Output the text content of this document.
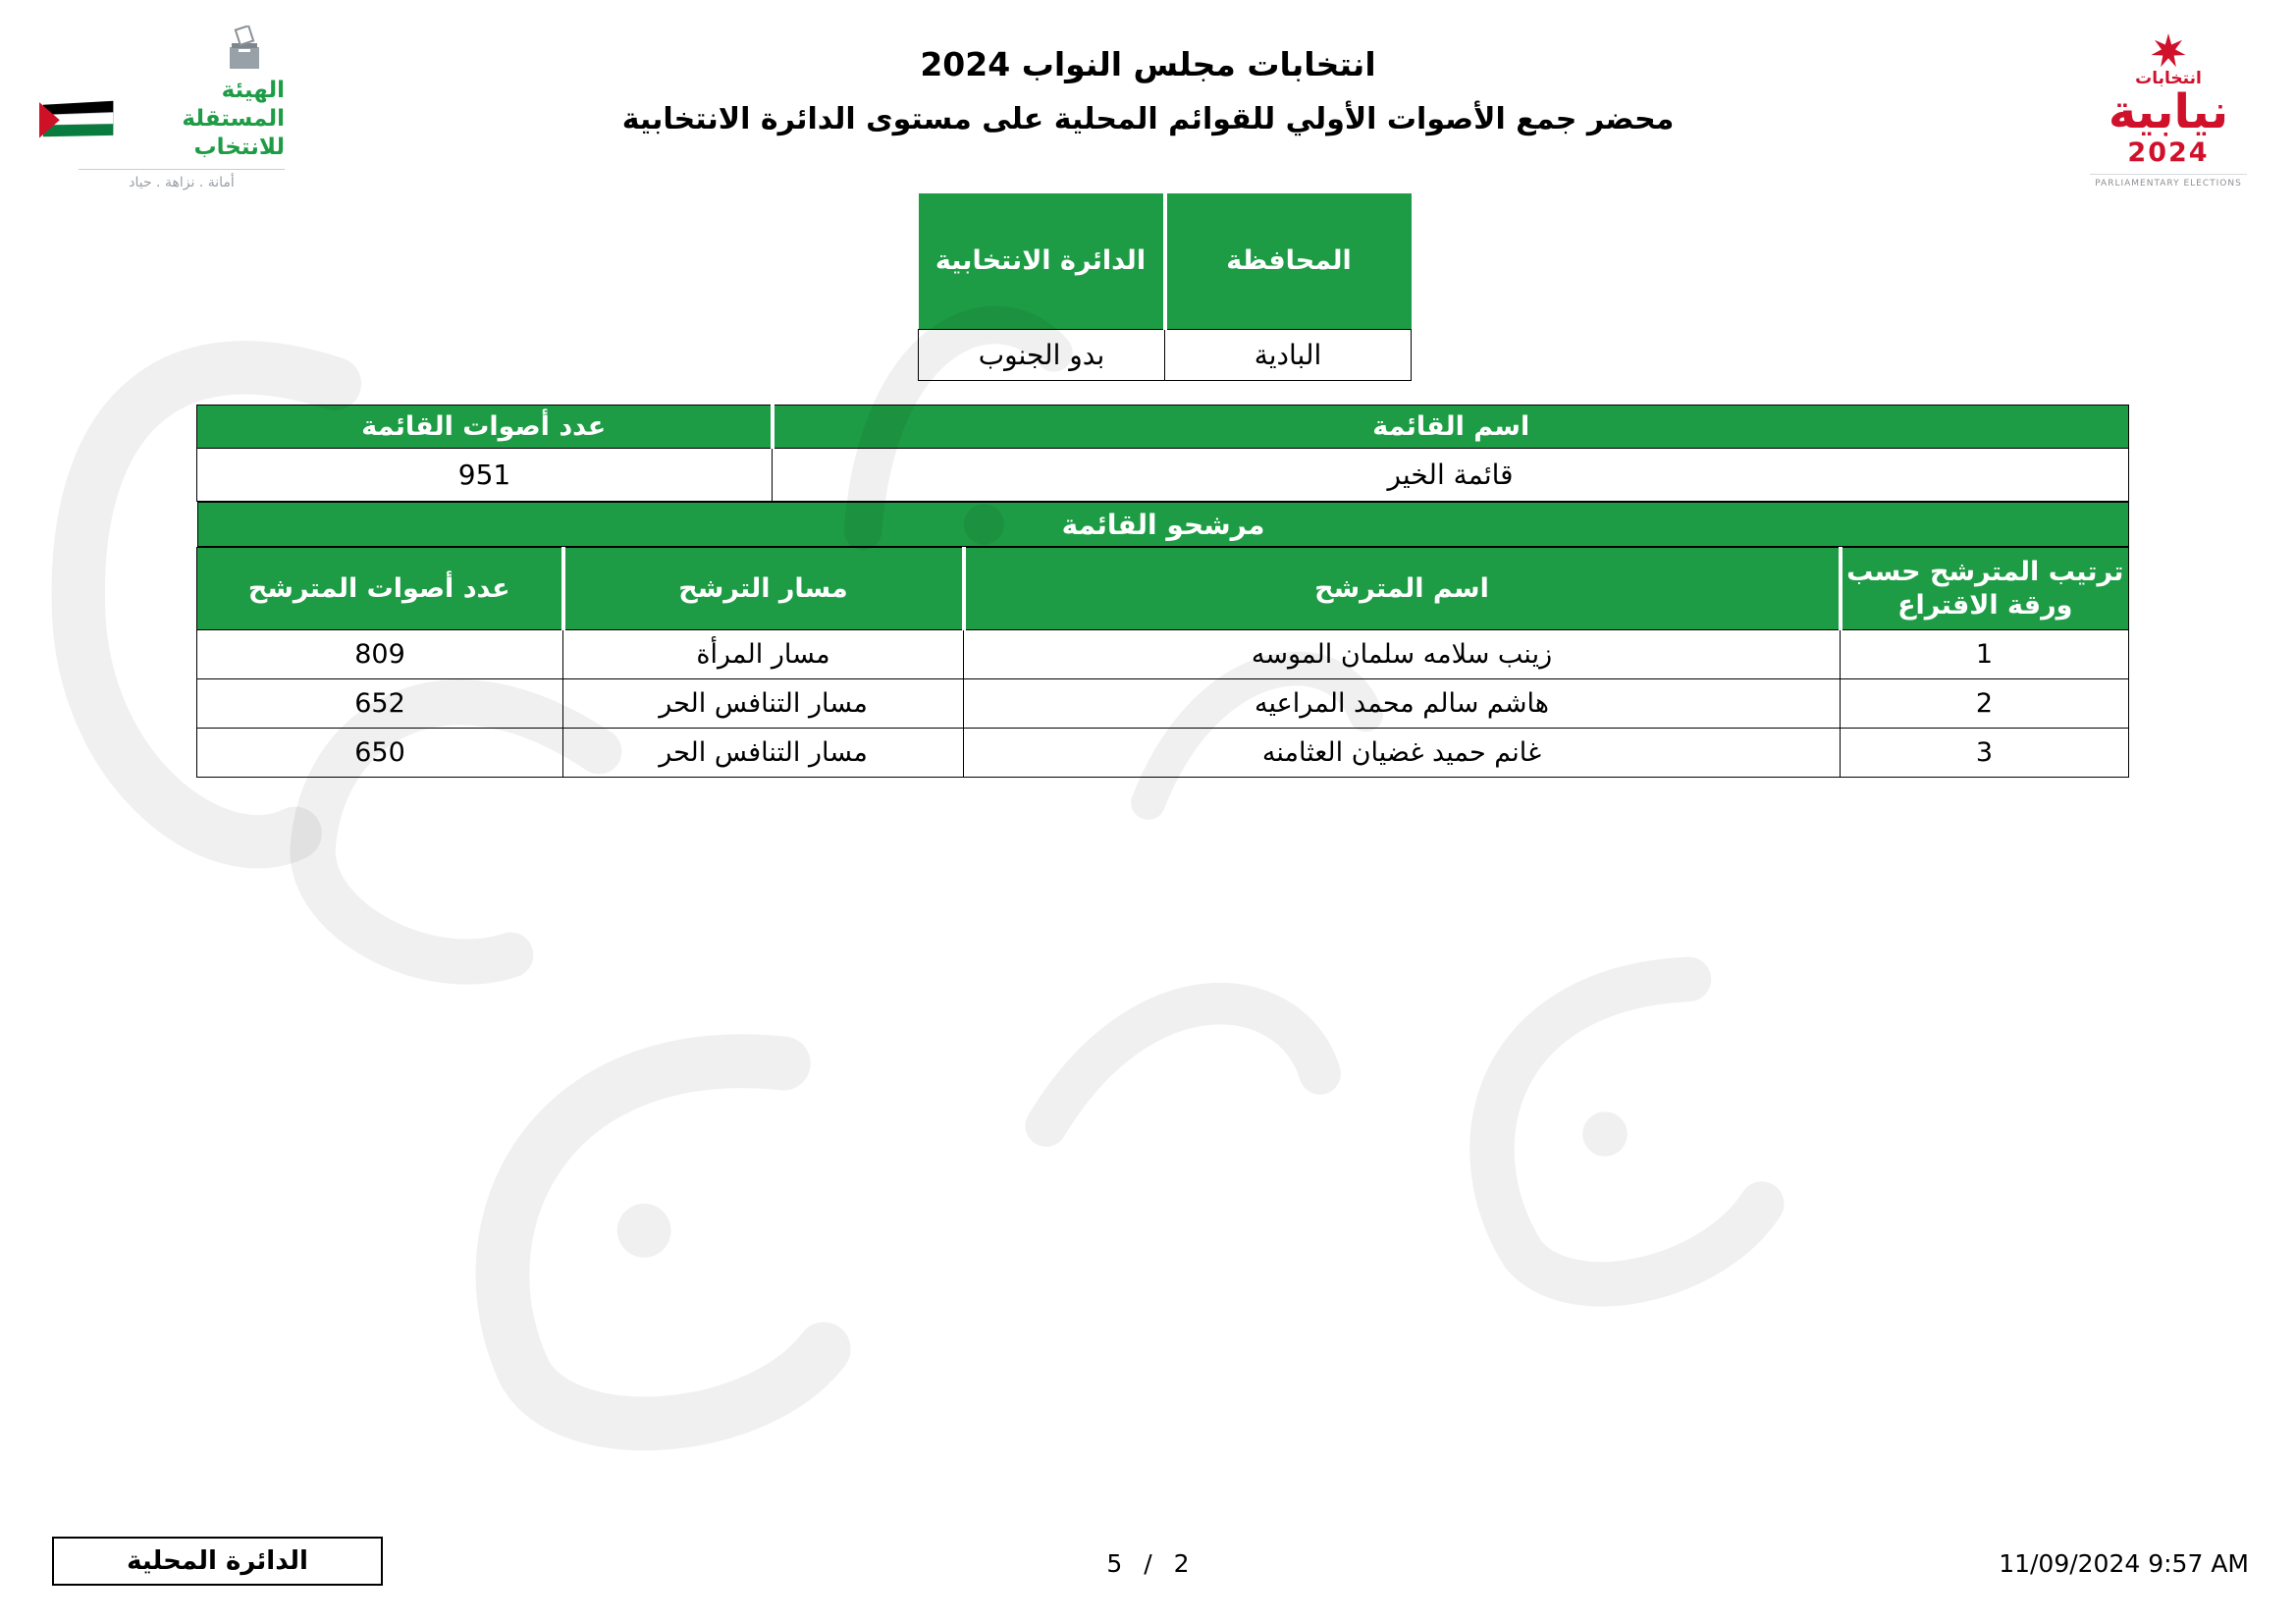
انتخابات مجلس النواب 2024
محضر جمع الأصوات الأولي للقوائم المحلية على مستوى الدائرة الانتخابية
الهيئة المستقلة
للانتخاب
أمانة . نزاهة . حياد
انتخابات
نيابية
2024
PARLIAMENTARY ELECTIONS
المحافظة	الدائرة الانتخابية
البادية	بدو الجنوب
اسم القائمة	عدد أصوات القائمة
قائمة الخير	951
مرشحو القائمة
ترتيب المترشح حسب ورقة الاقتراع	اسم المترشح	مسار الترشح	عدد أصوات المترشح
1	زينب سلامه سلمان الموسه	مسار المرأة	809
2	هاشم سالم محمد المراعيه	مسار التنافس الحر	652
3	غانم حميد غضيان العثامنه	مسار التنافس الحر	650
الدائرة المحلية	5 / 2	11/09/2024 9:57 AM
